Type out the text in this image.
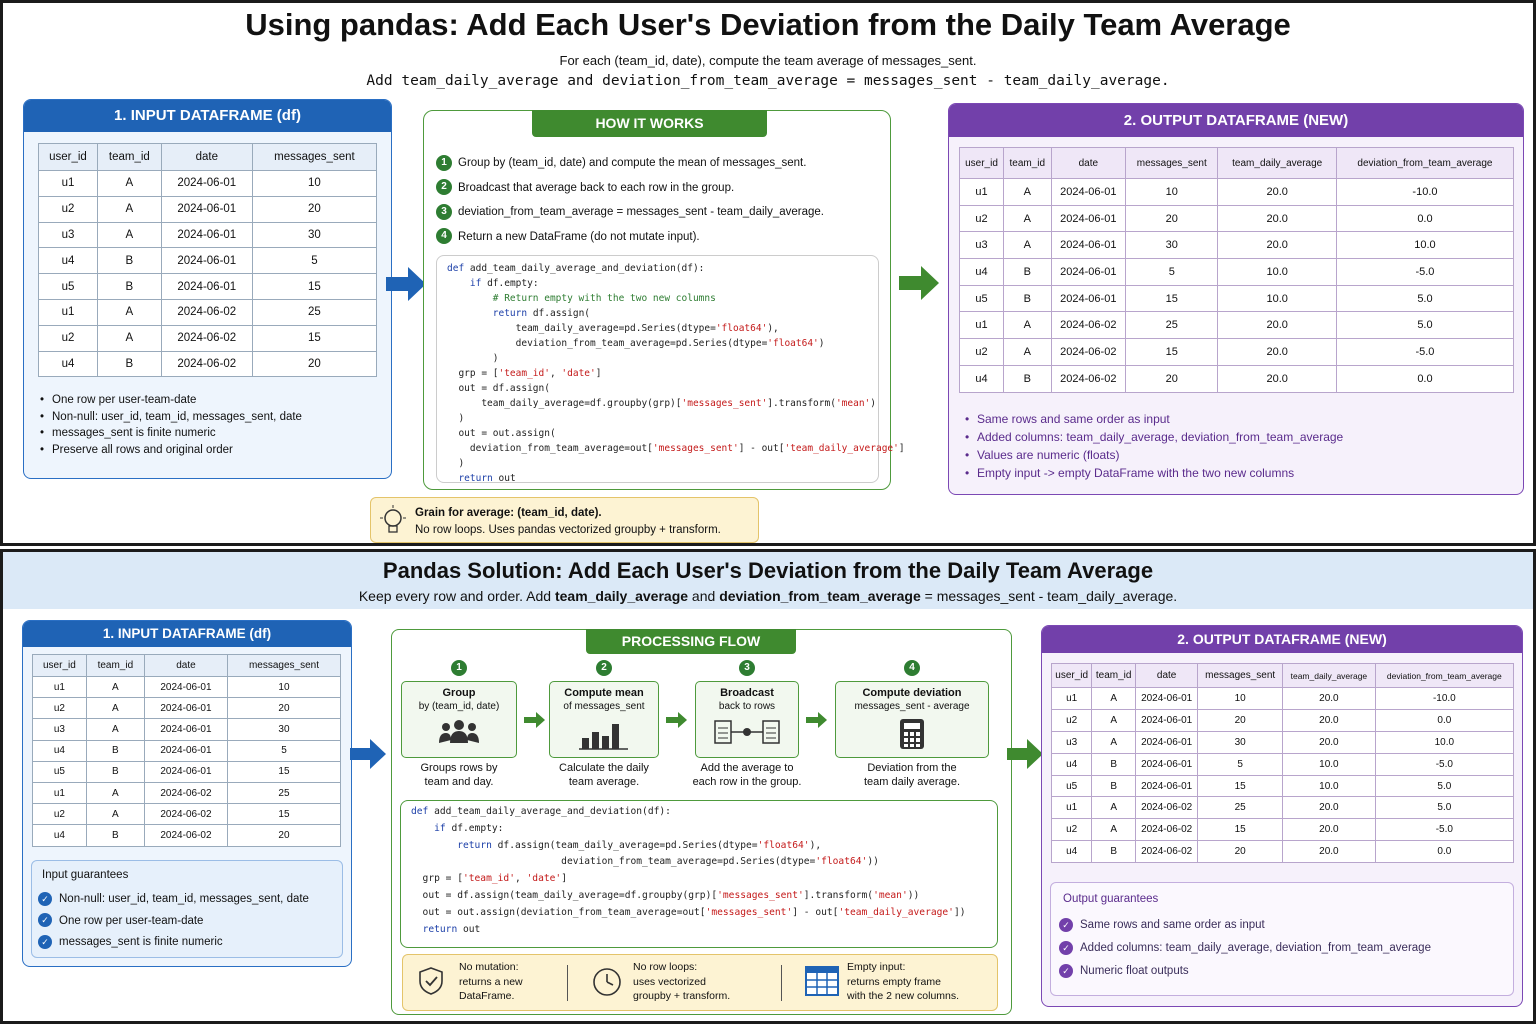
Using pandas: Add Each User's Deviation from the Daily Team Average
For each (team_id, date), compute the team average of messages_sent.
Add team_daily_average and deviation_from_team_average = messages_sent - team_daily_average.
1. INPUT DATAFRAME (df)
user_id	team_id	date	messages_sent
u1	A	2024-06-01	10
u2	A	2024-06-01	20
u3	A	2024-06-01	30
u4	B	2024-06-01	5
u5	B	2024-06-01	15
u1	A	2024-06-02	25
u2	A	2024-06-02	15
u4	B	2024-06-02	20
• One row per user-team-date
• Non-null: user_id, team_id, messages_sent, date
• messages_sent is finite numeric
• Preserve all rows and original order
HOW IT WORKS
1 Group by (team_id, date) and compute the mean of messages_sent.
2 Broadcast that average back to each row in the group.
3 deviation_from_team_average = messages_sent - team_daily_average.
4 Return a new DataFrame (do not mutate input).
def add_team_daily_average_and_deviation(df):
if df.empty:
# Return empty with the two new columns
return df.assign(
team_daily_average=pd.Series(dtype='float64'),
deviation_from_team_average=pd.Series(dtype='float64')
)
grp = ['team_id', 'date']
out = df.assign(
team_daily_average=df.groupby(grp)['messages_sent'].transform('mean')
)
out = out.assign(
deviation_from_team_average=out['messages_sent'] - out['team_daily_average']
)
return out
Grain for average: (team_id, date).
No row loops. Uses pandas vectorized groupby + transform.
2. OUTPUT DATAFRAME (NEW)
user_id	team_id	date	messages_sent	team_daily_average	deviation_from_team_average
u1	A	2024-06-01	10	20.0	-10.0
u2	A	2024-06-01	20	20.0	0.0
u3	A	2024-06-01	30	20.0	10.0
u4	B	2024-06-01	5	10.0	-5.0
u5	B	2024-06-01	15	10.0	5.0
u1	A	2024-06-02	25	20.0	5.0
u2	A	2024-06-02	15	20.0	-5.0
u4	B	2024-06-02	20	20.0	0.0
• Same rows and same order as input
• Added columns: team_daily_average, deviation_from_team_average
• Values are numeric (floats)
• Empty input -> empty DataFrame with the two new columns
Pandas Solution: Add Each User's Deviation from the Daily Team Average
Keep every row and order. Add team_daily_average and deviation_from_team_average = messages_sent - team_daily_average.
1. INPUT DATAFRAME (df)
user_id	team_id	date	messages_sent
u1	A	2024-06-01	10
u2	A	2024-06-01	20
u3	A	2024-06-01	30
u4	B	2024-06-01	5
u5	B	2024-06-01	15
u1	A	2024-06-02	25
u2	A	2024-06-02	15
u4	B	2024-06-02	20
Input guarantees
✓ Non-null: user_id, team_id, messages_sent, date
✓ One row per user-team-date
✓ messages_sent is finite numeric
PROCESSING FLOW
1
Group
by (team_id, date)
Groups rows by
team and day.
2
Compute mean
of messages_sent
Calculate the daily
team average.
3
Broadcast
back to rows
Add the average to
each row in the group.
4
Compute deviation
messages_sent - average
Deviation from the
team daily average.
def add_team_daily_average_and_deviation(df):
if df.empty:
return df.assign(team_daily_average=pd.Series(dtype='float64'),
deviation_from_team_average=pd.Series(dtype='float64'))
grp = ['team_id', 'date']
out = df.assign(team_daily_average=df.groupby(grp)['messages_sent'].transform('mean'))
out = out.assign(deviation_from_team_average=out['messages_sent'] - out['team_daily_average'])
return out
No mutation:
returns a new
DataFrame.
No row loops:
uses vectorized
groupby + transform.
Empty input:
returns empty frame
with the 2 new columns.
2. OUTPUT DATAFRAME (NEW)
user_id	team_id	date	messages_sent	team_daily_average	deviation_from_team_average
u1	A	2024-06-01	10	20.0	-10.0
u2	A	2024-06-01	20	20.0	0.0
u3	A	2024-06-01	30	20.0	10.0
u4	B	2024-06-01	5	10.0	-5.0
u5	B	2024-06-01	15	10.0	5.0
u1	A	2024-06-02	25	20.0	5.0
u2	A	2024-06-02	15	20.0	-5.0
u4	B	2024-06-02	20	20.0	0.0
Output guarantees
✓ Same rows and same order as input
✓ Added columns: team_daily_average, deviation_from_team_average
✓ Numeric float outputs
